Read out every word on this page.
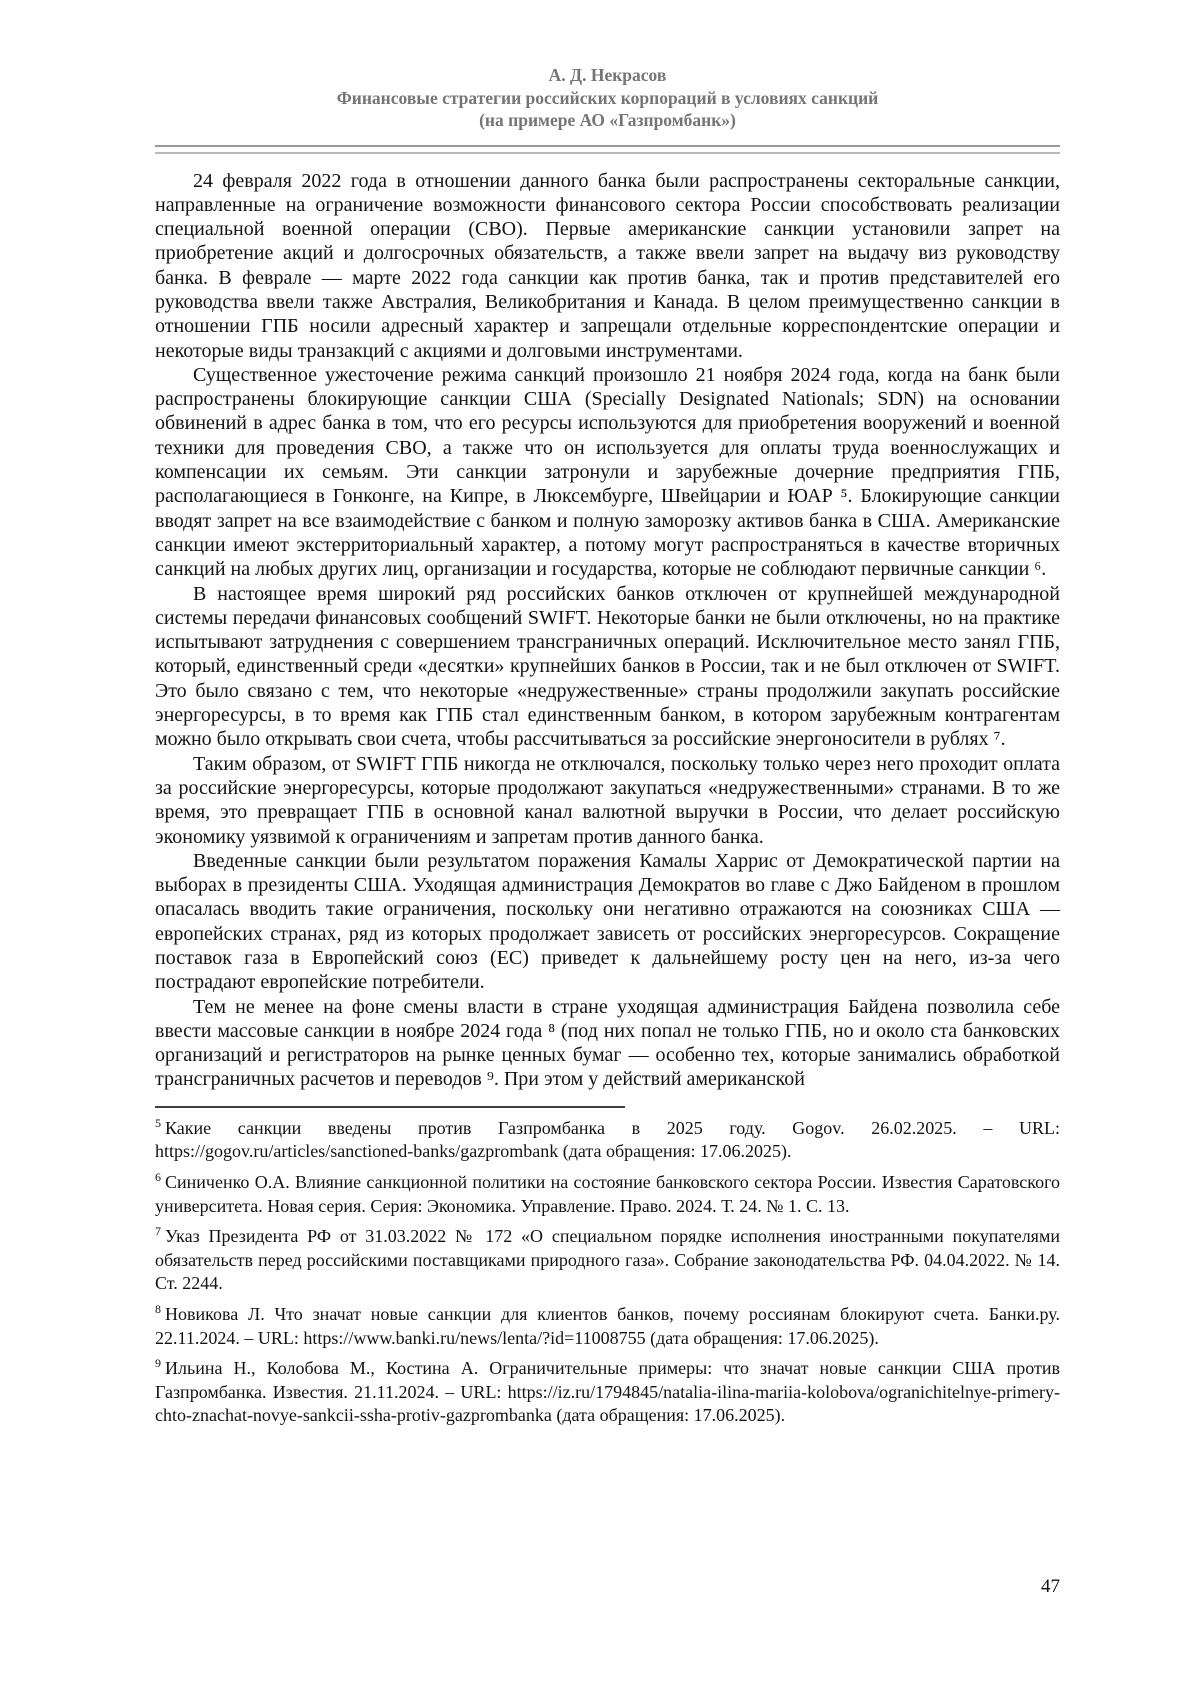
А. Д. Некрасов
Финансовые стратегии российских корпораций в условиях санкций
(на примере АО «Газпромбанк»)

24 февраля 2022 года в отношении данного банка были распространены секторальные санкции, направленные на ограничение возможности финансового сектора России способствовать реализации специальной военной операции (СВО). Первые американские санкции установили запрет на приобретение акций и долгосрочных обязательств, а также ввели запрет на выдачу виз руководству банка. В феврале — марте 2022 года санкции как против банка, так и против представителей его руководства ввели также Австралия, Великобритания и Канада. В целом преимущественно санкции в отношении ГПБ носили адресный характер и запрещали отдельные корреспондентские операции и некоторые виды транзакций с акциями и долговыми инструментами.

Существенное ужесточение режима санкций произошло 21 ноября 2024 года, когда на банк были распространены блокирующие санкции США (Specially Designated Nationals; SDN) на основании обвинений в адрес банка в том, что его ресурсы используются для приобретения вооружений и военной техники для проведения СВО, а также что он используется для оплаты труда военнослужащих и компенсации их семьям. Эти санкции затронули и зарубежные дочерние предприятия ГПБ, располагающиеся в Гонконге, на Кипре, в Люксембурге, Швейцарии и ЮАР ⁵. Блокирующие санкции вводят запрет на все взаимодействие с банком и полную заморозку активов банка в США. Американские санкции имеют экстерриториальный характер, а потому могут распространяться в качестве вторичных санкций на любых других лиц, организации и государства, которые не соблюдают первичные санкции ⁶.

В настоящее время широкий ряд российских банков отключен от крупнейшей международной системы передачи финансовых сообщений SWIFT. Некоторые банки не были отключены, но на практике испытывают затруднения с совершением трансграничных операций. Исключительное место занял ГПБ, который, единственный среди «десятки» крупнейших банков в России, так и не был отключен от SWIFT. Это было связано с тем, что некоторые «недружественные» страны продолжили закупать российские энергоресурсы, в то время как ГПБ стал единственным банком, в котором зарубежным контрагентам можно было открывать свои счета, чтобы рассчитываться за российские энергоносители в рублях ⁷.

Таким образом, от SWIFT ГПБ никогда не отключался, поскольку только через него проходит оплата за российские энергоресурсы, которые продолжают закупаться «недружественными» странами. В то же время, это превращает ГПБ в основной канал валютной выручки в России, что делает российскую экономику уязвимой к ограничениям и запретам против данного банка.

Введенные санкции были результатом поражения Камалы Харрис от Демократической партии на выборах в президенты США. Уходящая администрация Демократов во главе с Джо Байденом в прошлом опасалась вводить такие ограничения, поскольку они негативно отражаются на союзниках США — европейских странах, ряд из которых продолжает зависеть от российских энергоресурсов. Сокращение поставок газа в Европейский союз (ЕС) приведет к дальнейшему росту цен на него, из-за чего пострадают европейские потребители.

Тем не менее на фоне смены власти в стране уходящая администрация Байдена позволила себе ввести массовые санкции в ноябре 2024 года ⁸ (под них попал не только ГПБ, но и около ста банковских организаций и регистраторов на рынке ценных бумаг — особенно тех, которые занимались обработкой трансграничных расчетов и переводов ⁹. При этом у действий американской

$^5$ Какие санкции введены против Газпромбанка в 2025 году. Gogov. 26.02.2025. – URL: https://gogov.ru/articles/sanctioned-banks/gazprombank (дата обращения: 17.06.2025).
$^6$ Синиченко О.А. Влияние санкционной политики на состояние банковского сектора России. Известия Саратовского университета. Новая серия. Серия: Экономика. Управление. Право. 2024. Т. 24. № 1. С. 13.
$^7$ Указ Президента РФ от 31.03.2022 № 172 «О специальном порядке исполнения иностранными покупателями обязательств перед российскими поставщиками природного газа». Собрание законодательства РФ. 04.04.2022. № 14. Ст. 2244.
$^8$ Новикова Л. Что значат новые санкции для клиентов банков, почему россиянам блокируют счета. Банки.ру. 22.11.2024. – URL: https://www.banki.ru/news/lenta/?id=11008755 (дата обращения: 17.06.2025).
$^9$ Ильина Н., Колобова М., Костина А. Ограничительные примеры: что значат новые санкции США против Газпромбанка. Известия. 21.11.2024. – URL: https://iz.ru/1794845/natalia-ilina-mariia-kolobova/ogranichitelnye-primery-chto-znachat-novye-sankcii-ssha-protiv-gazprombanka (дата обращения: 17.06.2025).
47
